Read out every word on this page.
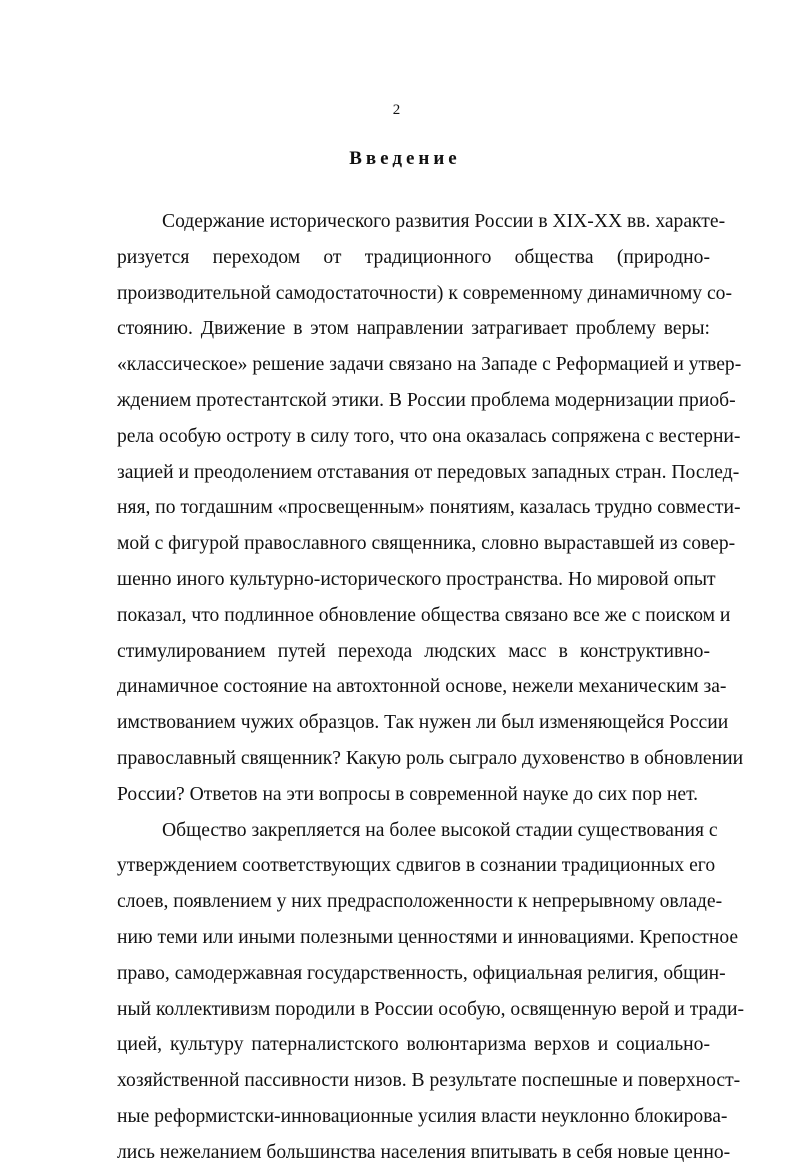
2
Введение
Содержание исторического развития России в XIX-XX вв. характе-
ризуется переходом от традиционного общества (природно-
производительной самодостаточности) к современному динамичному со-
стоянию. Движение в этом направлении затрагивает проблему веры:
«классическое» решение задачи связано на Западе с Реформацией и утвер-
ждением протестантской этики. В России проблема модернизации приоб-
рела особую остроту в силу того, что она оказалась сопряжена с вестерни-
зацией и преодолением отставания от передовых западных стран. Послед-
няя, по тогдашним «просвещенным» понятиям, казалась трудно совмести-
мой с фигурой православного священника, словно выраставшей из совер-
шенно иного культурно-исторического пространства. Но мировой опыт
показал, что подлинное обновление общества связано все же с поиском и
стимулированием путей перехода людских масс в конструктивно-
динамичное состояние на автохтонной основе, нежели механическим за-
имствованием чужих образцов. Так нужен ли был изменяющейся России
православный священник? Какую роль сыграло духовенство в обновлении
России? Ответов на эти вопросы в современной науке до сих пор нет.
Общество закрепляется на более высокой стадии существования с
утверждением соответствующих сдвигов в сознании традиционных его
слоев, появлением у них предрасположенности к непрерывному овладе-
нию теми или иными полезными ценностями и инновациями. Крепостное
право, самодержавная государственность, официальная религия, общин-
ный коллективизм породили в России особую, освященную верой и тради-
цией, культуру патерналистского волюнтаризма верхов и социально-
хозяйственной пассивности низов. В результате поспешные и поверхност-
ные реформистски-инновационные усилия власти неуклонно блокирова-
лись нежеланием большинства населения впитывать в себя новые ценно-
